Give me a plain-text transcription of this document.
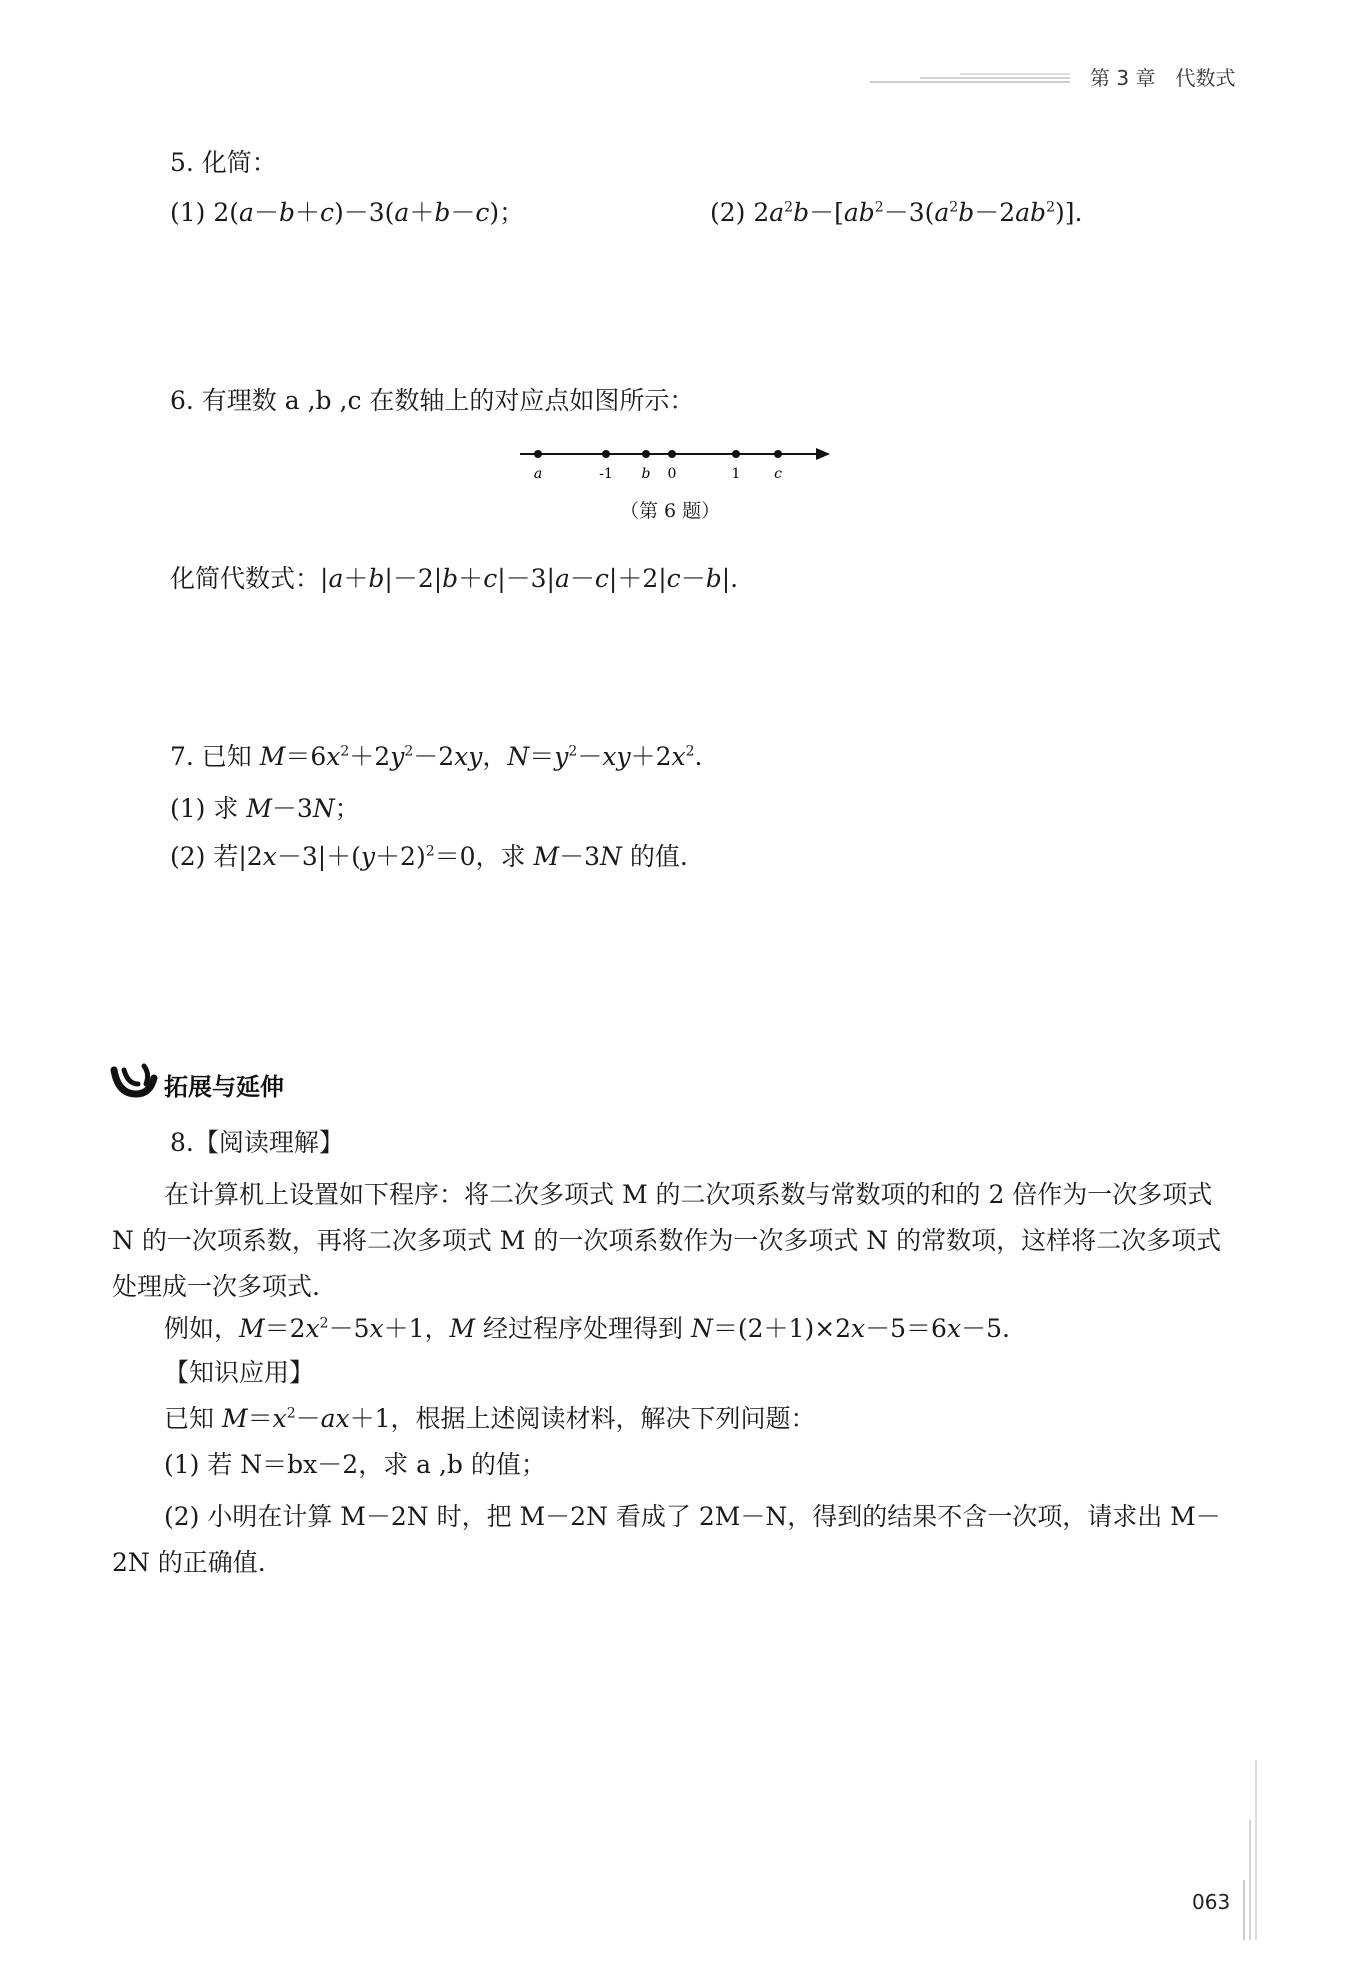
第 3 章　代数式
5. 化简：
(1) 2(a－b＋c)－3(a＋b－c)；	(2) $2a^2b-[ab^2-3(a^2b-2ab^2)]$.
6. 有理数 a ,b ,c 在数轴上的对应点如图所示：
a	-1 b 0	1 c
（第 6 题）
化简代数式：|a＋b|－2|b＋c|－3|a－c|＋2|c－b|.
7. 已知 $M=6x^2+2y^2-2xy$，$N=y^2-xy+2x^2$.
(1) 求 M－3N；
(2) 若$|2x-3|+(y+2)^2=0$，求 M－3N 的值.
拓展与延伸
8.【阅读理解】
在计算机上设置如下程序：将二次多项式 M 的二次项系数与常数项的和的 2 倍作为一次多项式 N 的一次项系数，再将二次多项式 M 的一次项系数作为一次多项式 N 的常数项，这样将二次多项式处理成一次多项式.
例如，$M=2x^2-5x+1$，M 经过程序处理得到 N＝(2＋1)×2x－5＝6x－5.
【知识应用】
已知 $M=x^2-ax+1$，根据上述阅读材料，解决下列问题：
(1) 若 N＝bx－2，求 a ,b 的值；
(2) 小明在计算 M－2N 时，把 M－2N 看成了 2M－N，得到的结果不含一次项，请求出 M－2N 的正确值.
063
